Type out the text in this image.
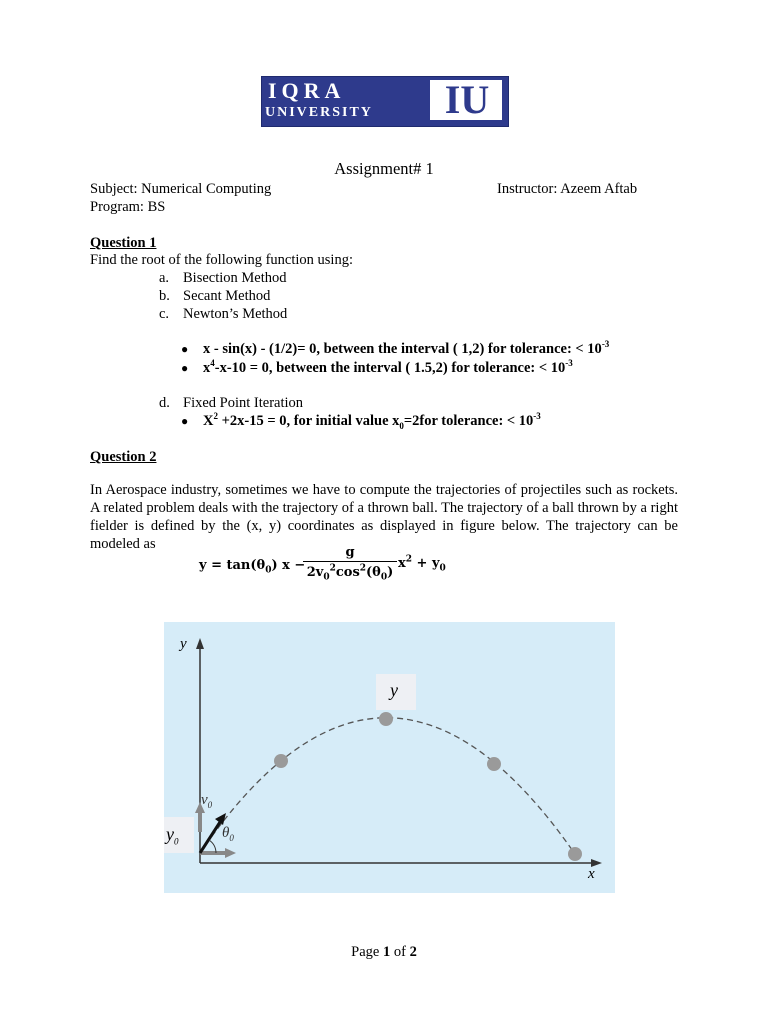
IQRA
UNIVERSITY IU
Assignment# 1
Subject: Numerical Computing	Instructor: Azeem Aftab
Program: BS
Question 1
Find the root of the following function using:
a. Bisection Method
b. Secant Method
c. Newton’s Method
● x - sin(x) - (1/2)= 0, between the interval ( 1,2) for tolerance: < $10^{-3}$
● $x^4-x-10 = 0$, between the interval ( 1.5,2) for tolerance: < $10^{-3}$
d. Fixed Point Iteration
● $X^2 +2x-15 = 0$, for initial value $x_0=2for$ tolerance: < $10^{-3}$
Question 2
In Aerospace industry, sometimes we have to compute the trajectories of projectiles such as rockets. A related problem deals with the trajectory of a thrown ball. The trajectory of a ball thrown by a right fielder is defined by the (x, y) coordinates as displayed in figure below. The trajectory can be modeled as
$y = \tan(\theta_0) x$ −
g
$2v_0^2\cos^2(\theta_0)$
$x^2 + y_0$
y
x
y
$y_0$
$v_0$
$\theta_0$
Page 1 of 2
